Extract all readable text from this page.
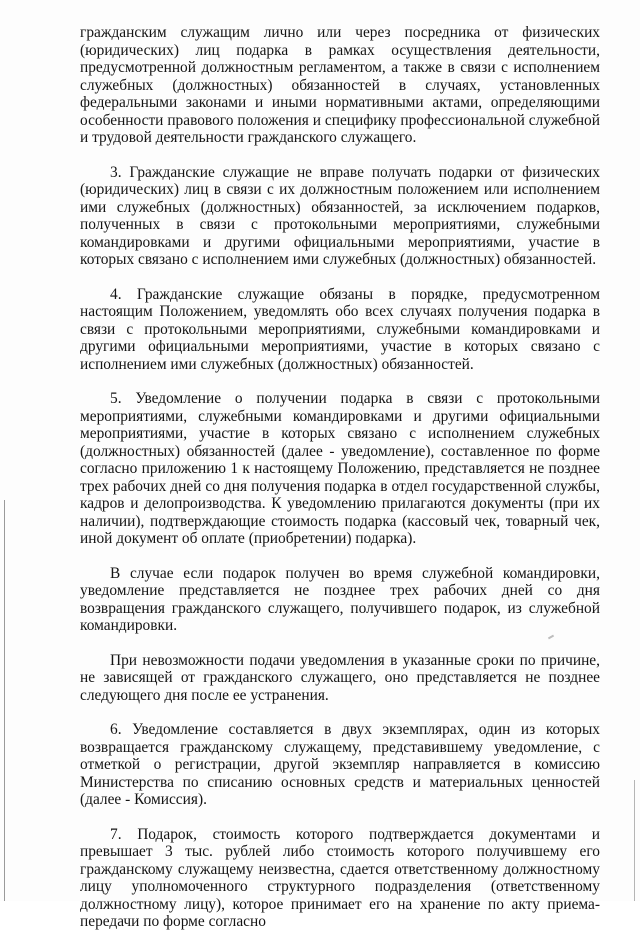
гражданским служащим лично или через посредника от физических (юридических) лиц подарка в рамках осуществления деятельности, предусмотренной должностным регламентом, а также в связи с исполнением служебных (должностных) обязанностей в случаях, установленных федеральными законами и иными нормативными актами, определяющими особенности правового положения и специфику профессиональной служебной и трудовой деятельности гражданского служащего.

3. Гражданские служащие не вправе получать подарки от физических (юридических) лиц в связи с их должностным положением или исполнением ими служебных (должностных) обязанностей, за исключением подарков, полученных в связи с протокольными мероприятиями, служебными командировками и другими официальными мероприятиями, участие в которых связано с исполнением ими служебных (должностных) обязанностей.

4. Гражданские служащие обязаны в порядке, предусмотренном настоящим Положением, уведомлять обо всех случаях получения подарка в связи с протокольными мероприятиями, служебными командировками и другими официальными мероприятиями, участие в которых связано с исполнением ими служебных (должностных) обязанностей.

5. Уведомление о получении подарка в связи с протокольными мероприятиями, служебными командировками и другими официальными мероприятиями, участие в которых связано с исполнением служебных (должностных) обязанностей (далее - уведомление), составленное по форме согласно приложению 1 к настоящему Положению, представляется не позднее трех рабочих дней со дня получения подарка в отдел государственной службы, кадров и делопроизводства. К уведомлению прилагаются документы (при их наличии), подтверждающие стоимость подарка (кассовый чек, товарный чек, иной документ об оплате (приобретении) подарка).

В случае если подарок получен во время служебной командировки, уведомление представляется не позднее трех рабочих дней со дня возвращения гражданского служащего, получившего подарок, из служебной командировки.

При невозможности подачи уведомления в указанные сроки по причине, не зависящей от гражданского служащего, оно представляется не позднее следующего дня после ее устранения.

6. Уведомление составляется в двух экземплярах, один из которых возвращается гражданскому служащему, представившему уведомление, с отметкой о регистрации, другой экземпляр направляется в комиссию Министерства по списанию основных средств и материальных ценностей (далее - Комиссия).

7. Подарок, стоимость которого подтверждается документами и превышает 3 тыс. рублей либо стоимость которого получившему его гражданскому служащему неизвестна, сдается ответственному должностному лицу уполномоченного структурного подразделения (ответственному должностному лицу), которое принимает его на хранение по акту приема-передачи по форме согласно
